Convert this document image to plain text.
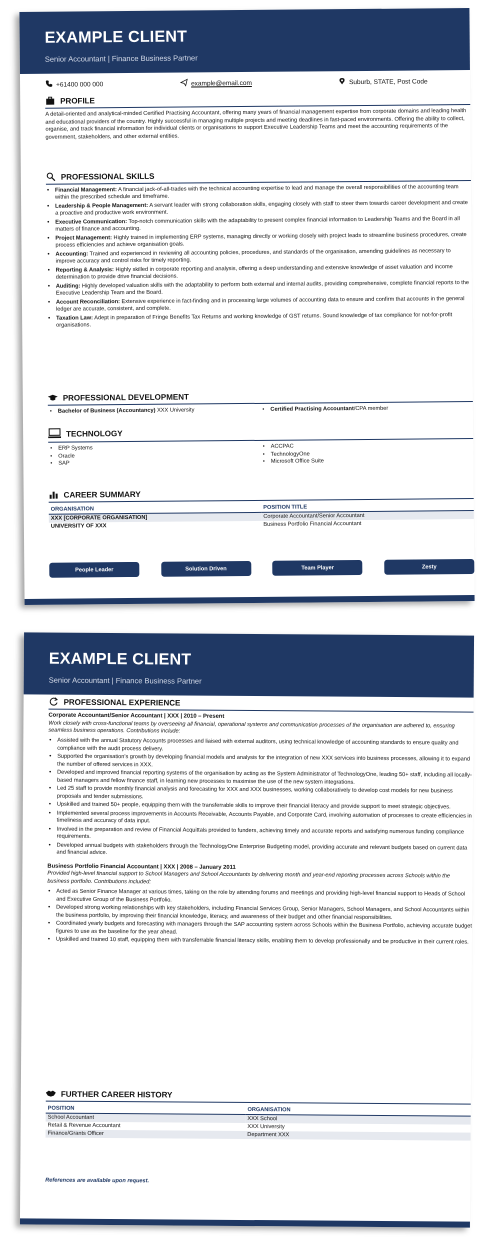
EXAMPLE CLIENT
Senior Accountant | Finance Business Partner
+61400 000 000	example@email.com	Suburb, STATE, Post Code
PROFILE
A detail-oriented and analytical-minded Certified Practising Accountant, offering many years of financial management expertise from corporate domains and leading health and educational providers of the country. Highly successful in managing multiple projects and meeting deadlines in fast-paced environments. Offering the ability to collect, organise, and track financial information for individual clients or organisations to support Executive Leadership Teams and meet the accounting requirements of the government, stakeholders, and other external entities.
PROFESSIONAL SKILLS
• Financial Management: A financial jack-of-all-trades with the technical accounting expertise to lead and manage the overall responsibilities of the accounting team within the prescribed schedule and timeframe.
• Leadership & People Management: A servant leader with strong collaboration skills, engaging closely with staff to steer them towards career development and create a proactive and productive work environment.
• Executive Communication: Top-notch communication skills with the adaptability to present complex financial information to Leadership Teams and the Board in all matters of finance and accounting.
• Project Management: Highly trained in implementing ERP systems, managing directly or working closely with project leads to streamline business procedures, create process efficiencies and achieve organisation goals.
• Accounting: Trained and experienced in reviewing all accounting policies, procedures, and standards of the organisation, amending guidelines as necessary to improve accuracy and control risks for timely reporting.
• Reporting & Analysis: Highly skilled in corporate reporting and analysis, offering a deep understanding and extensive knowledge of asset valuation and income determination to provide drive financial decisions.
• Auditing: Highly developed valuation skills with the adaptability to perform both external and internal audits, providing comprehensive, complete financial reports to the Executive Leadership Team and the Board.
• Account Reconciliation: Extensive experience in fact-finding and in processing large volumes of accounting data to ensure and confirm that accounts in the general ledger are accurate, consistent, and complete.
• Taxation Law: Adept in preparation of Fringe Benefits Tax Returns and working knowledge of GST returns. Sound knowledge of tax compliance for not-for-profit organisations.
PROFESSIONAL DEVELOPMENT
• Bachelor of Business (Accountancy) XXX University	• Certified Practising Accountant/CPA member
TECHNOLOGY
• ERP Systems
• Oracle
• SAP
• ACCPAC
• TechnologyOne
• Microsoft Office Suite
CAREER SUMMARY
ORGANISATION	POSITION TITLE
XXX [CORPORATE ORGANISATION]	Corporate Accountant/Senior Accountant
UNIVERSITY OF XXX	Business Portfolio Financial Accountant
People Leader	Solution Driven	Team Player	Zesty
EXAMPLE CLIENT
Senior Accountant | Finance Business Partner
PROFESSIONAL EXPERIENCE
Corporate Accountant/Senior Accountant | XXX | 2010 – Present
Work closely with cross-functional teams by overseeing all financial, operational systems and communication processes of the organisation are adhered to, ensuring seamless business operations. Contributions include:
• Assisted with the annual Statutory Accounts processes and liaised with external auditors, using technical knowledge of accounting standards to ensure quality and compliance with the audit process delivery.
• Supported the organisation's growth by developing financial models and analysis for the integration of new XXX services into business processes, allowing it to expand the number of offered services in XXX.
• Developed and improved financial reporting systems of the organisation by acting as the System Administrator of TechnologyOne, leading 50+ staff, including all locally-based managers and fellow finance staff, in learning new processes to maximise the use of the new system integrations.
• Led 25 staff to provide monthly financial analysis and forecasting for XXX and XXX businesses, working collaboratively to develop cost models for new business proposals and tender submissions.
• Upskilled and trained 50+ people, equipping them with the transferrable skills to improve their financial literacy and provide support to meet strategic objectives.
• Implemented several process improvements in Accounts Receivable, Accounts Payable, and Corporate Card, involving automation of processes to create efficiencies in timeliness and accuracy of data input.
• Involved in the preparation and review of Financial Acquittals provided to funders, achieving timely and accurate reports and satisfying numerous funding compliance requirements.
• Developed annual budgets with stakeholders through the TechnologyOne Enterprise Budgeting model, providing accurate and relevant budgets based on current data and financial advice.
Business Portfolio Financial Accountant | XXX | 2008 – January 2011
Provided high-level financial support to School Managers and School Accountants by delivering month and year-end reporting processes across Schools within the business portfolio. Contributions included:
• Acted as Senior Finance Manager at various times, taking on the role by attending forums and meetings and providing high-level financial support to Heads of School and Executive Group of the Business Portfolio.
• Developed strong working relationships with key stakeholders, including Financial Services Group, Senior Managers, School Managers, and School Accountants within the business portfolio, by improving their financial knowledge, literacy, and awareness of their budget and other financial responsibilities.
• Coordinated yearly budgets and forecasting with managers through the SAP accounting system across Schools within the Business Portfolio, achieving accurate budget figures to use as the baseline for the year ahead.
• Upskilled and trained 10 staff, equipping them with transferrable financial literacy skills, enabling them to develop professionally and be productive in their current roles.
FURTHER CAREER HISTORY
POSITION	ORGANISATION
School Accountant	XXX School
Retail & Revenue Accountant	XXX University
Finance/Grants Officer	Department XXX
References are available upon request.
